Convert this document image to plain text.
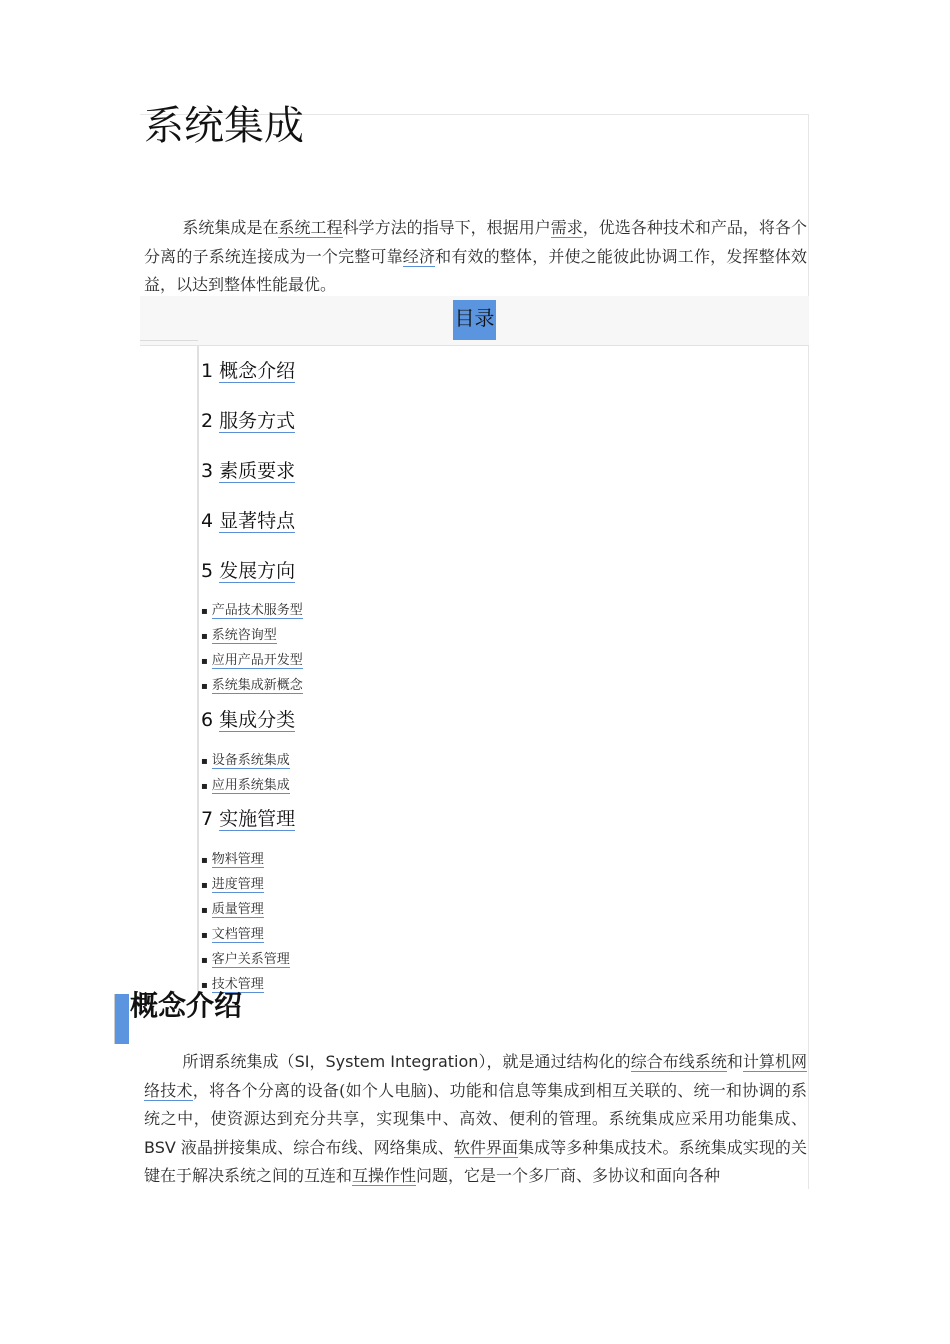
系统集成

系统集成是在系统工程科学方法的指导下，根据用户需求，优选各种技术和产品，将各个分离的子系统连接成为一个完整可靠经济和有效的整体，并使之能彼此协调工作，发挥整体效益，以达到整体性能最优。

目录
1 概念介绍
2 服务方式
3 素质要求
4 显著特点
5 发展方向
▪ 产品技术服务型
▪ 系统咨询型
▪ 应用产品开发型
▪ 系统集成新概念
6 集成分类
▪ 设备系统集成
▪ 应用系统集成
7 实施管理
▪ 物料管理
▪ 进度管理
▪ 质量管理
▪ 文档管理
▪ 客户关系管理
▪ 技术管理
概念介绍

所谓系统集成（SI，System Integration），就是通过结构化的综合布线系统和计算机网络技术，将各个分离的设备(如个人电脑)、功能和信息等集成到相互关联的、统一和协调的系统之中，使资源达到充分共享，实现集中、高效、便利的管理。系统集成应采用功能集成、BSV 液晶拼接集成、综合布线、网络集成、软件界面集成等多种集成技术。系统集成实现的关键在于解决系统之间的互连和互操作性问题，它是一个多厂商、多协议和面向各种
